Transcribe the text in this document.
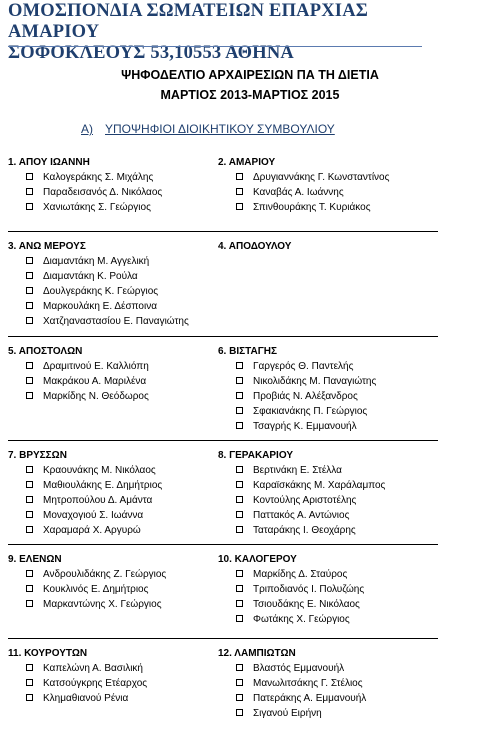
ΟΜΟΣΠΟΝΔΙΑ ΣΩΜΑΤΕΙΩΝ ΕΠΑΡΧΙΑΣ ΑΜΑΡΙΟΥ
ΣΟΦΟΚΛΕΟΥΣ 53,10553 ΑΘΗΝΑ
ΨΗΦΟΔΕΛΤΙΟ ΑΡΧΑΙΡΕΣΙΩΝ ΠΑ ΤΗ ΔΙΕΤΙΑ
ΜΑΡΤΙΟΣ 2013-ΜΑΡΤΙΟΣ 2015
Α) ΥΠΟΨΗΦΙΟΙ ΔΙΟΙΚΗΤΙΚΟΥ ΣΥΜΒΟΥΛΙΟΥ
1. ΑΠΟΥ ΙΩΑΝΝΗ
Καλογεράκης Σ. Μιχάλης
Παραδεισανός Δ. Νικόλαος
Χανιωτάκης Σ. Γεώργιος
2. ΑΜΑΡΙΟΥ
Δρυγιαννάκης Γ. Κωνσταντίνος
Καναβάς Α. Ιωάννης
Σπινθουράκης Τ. Κυριάκος
3. ΑΝΩ ΜΕΡΟΥΣ
Διαμαντάκη Μ. Αγγελική
Διαμαντάκη Κ. Ρούλα
Δουλγεράκης Κ. Γεώργιος
Μαρκουλάκη Ε. Δέσποινα
Χατζηαναστασίου Ε. Παναγιώτης
4. ΑΠΟΔΟΥΛΟΥ
5. ΑΠΟΣΤΟΛΩΝ
Δραμιτινού Ε. Καλλιόπη
Μακράκου Α. Μαριλένα
Μαρκίδης Ν. Θεόδωρος
6. ΒΙΣΤΑΓΗΣ
Γαργερός Θ. Παντελής
Νικολιδάκης Μ. Παναγιώτης
Προβιάς Ν. Αλέξανδρος
Σφακιανάκης Π. Γεώργιος
Τσαγρής Κ. Εμμανουήλ
7. ΒΡΥΣΣΩΝ
Κραουνάκης Μ. Νικόλαος
Μαθιουλάκης Ε. Δημήτριος
Μητροπούλου Δ. Αμάντα
Μοναχογιού Σ. Ιωάννα
Χαραμαρά Χ. Αργυρώ
8. ΓΕΡΑΚΑΡΙΟΥ
Βερτινάκη Ε. Στέλλα
Καραϊσκάκης Μ. Χαράλαμπος
Κοντούλης Αριστοτέλης
Παττακός Α. Αντώνιος
Ταταράκης Ι. Θεοχάρης
9. ΕΛΕΝΩΝ
Ανδρουλιδάκης Ζ. Γεώργιος
Κουκλινός Ε. Δημήτριος
Μαρκαντώνης Χ. Γεώργιος
10. ΚΑΛΟΓΕΡΟΥ
Μαρκίδης Δ. Σταύρος
Τριποδιανός Ι. Πολυζώης
Τσιουδάκης Ε. Νικόλαος
Φωτάκης Χ. Γεώργιος
11. ΚΟΥΡΟΥΤΩΝ
Καπελώνη Α. Βασιλική
Κατσούγκρης Ετέαρχος
Κλημαθιανού Ρένια
12. ΛΑΜΠΙΩΤΩΝ
Βλαστός Εμμανουήλ
Μανωλιτσάκης Γ. Στέλιος
Πατεράκης Α. Εμμανουήλ
Σιγανού Ειρήνη
